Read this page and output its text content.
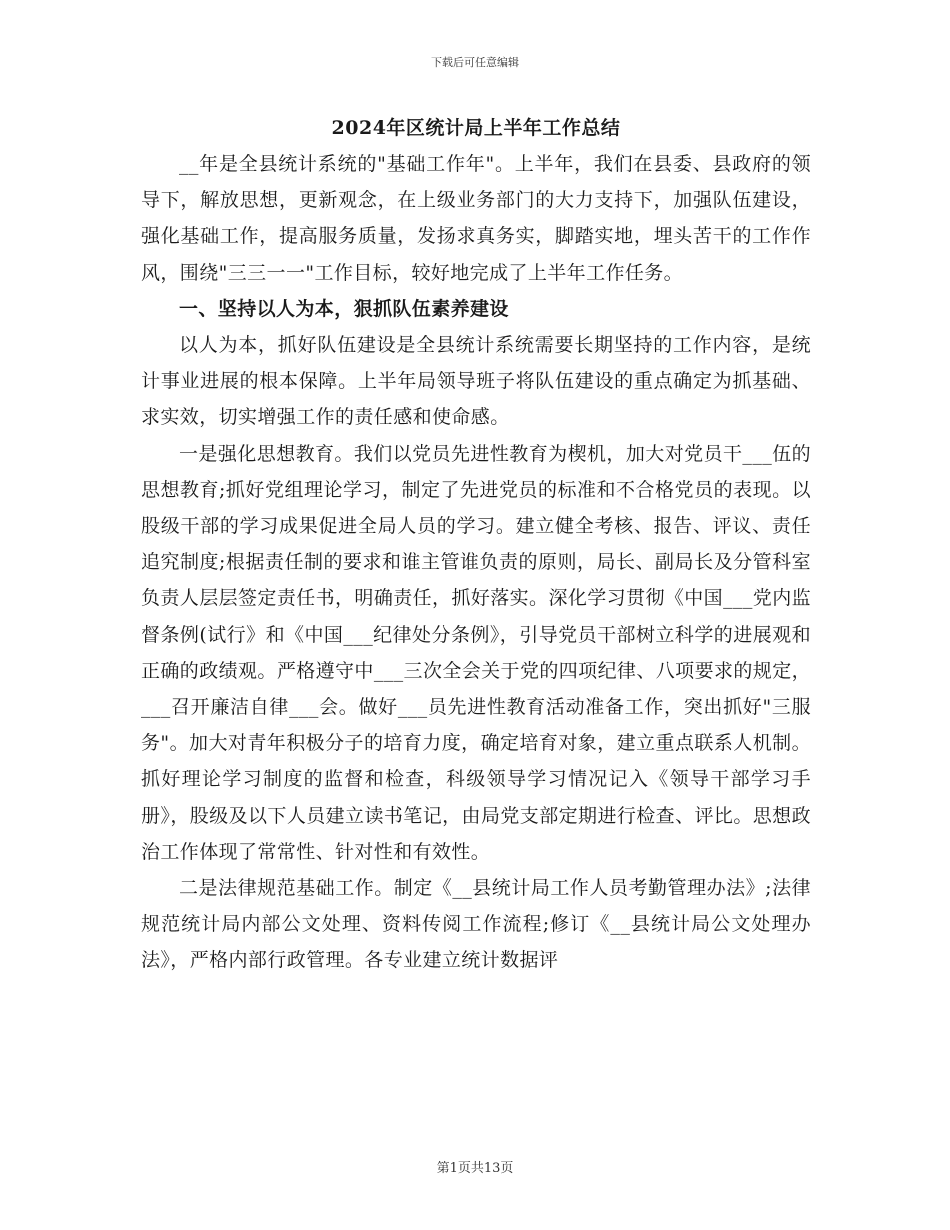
下载后可任意编辑
2024年区统计局上半年工作总结

__年是全县统计系统的"基础工作年"。上半年，我们在县委、县政府的领导下，解放思想，更新观念，在上级业务部门的大力支持下，加强队伍建设，强化基础工作，提高服务质量，发扬求真务实，脚踏实地，埋头苦干的工作作风，围绕"三三一一"工作目标，较好地完成了上半年工作任务。

一、坚持以人为本，狠抓队伍素养建设

以人为本，抓好队伍建设是全县统计系统需要长期坚持的工作内容，是统计事业进展的根本保障。上半年局领导班子将队伍建设的重点确定为抓基础、求实效，切实增强工作的责任感和使命感。

一是强化思想教育。我们以党员先进性教育为楔机，加大对党员干___伍的思想教育;抓好党组理论学习，制定了先进党员的标准和不合格党员的表现。以股级干部的学习成果促进全局人员的学习。建立健全考核、报告、评议、责任追究制度;根据责任制的要求和谁主管谁负责的原则，局长、副局长及分管科室负责人层层签定责任书，明确责任，抓好落实。深化学习贯彻《中国___党内监督条例(试行》和《中国___纪律处分条例》，引导党员干部树立科学的进展观和正确的政绩观。严格遵守中___三次全会关于党的四项纪律、八项要求的规定，___召开廉洁自律___会。做好___员先进性教育活动准备工作，突出抓好"三服务"。加大对青年积极分子的培育力度，确定培育对象，建立重点联系人机制。抓好理论学习制度的监督和检查，科级领导学习情况记入《领导干部学习手册》，股级及以下人员建立读书笔记，由局党支部定期进行检查、评比。思想政治工作体现了常常性、针对性和有效性。

二是法律规范基础工作。制定《__县统计局工作人员考勤管理办法》;法律规范统计局内部公文处理、资料传阅工作流程;修订《__县统计局公文处理办法》，严格内部行政管理。各专业建立统计数据评

第1页共13页
